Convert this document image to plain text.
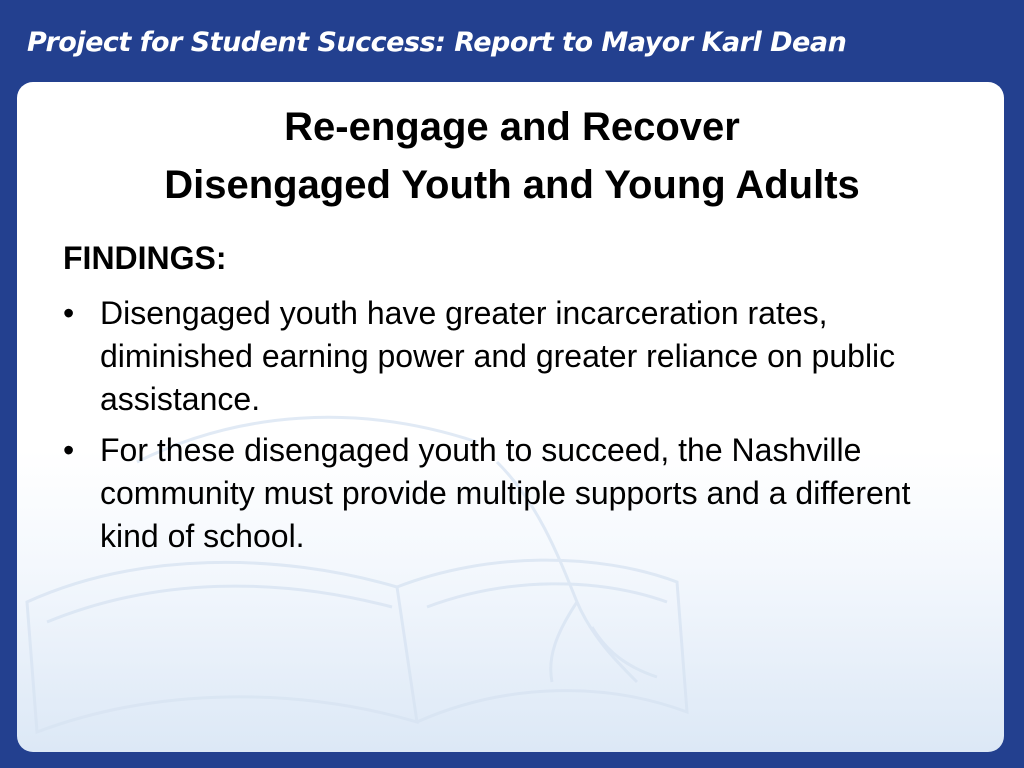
Project for Student Success: Report to Mayor Karl Dean
Re-engage and Recover
Disengaged Youth and Young Adults

FINDINGS:

• Disengaged youth have greater incarceration rates, diminished earning power and greater reliance on public assistance.
• For these disengaged youth to succeed, the Nashville community must provide multiple supports and a different kind of school.
